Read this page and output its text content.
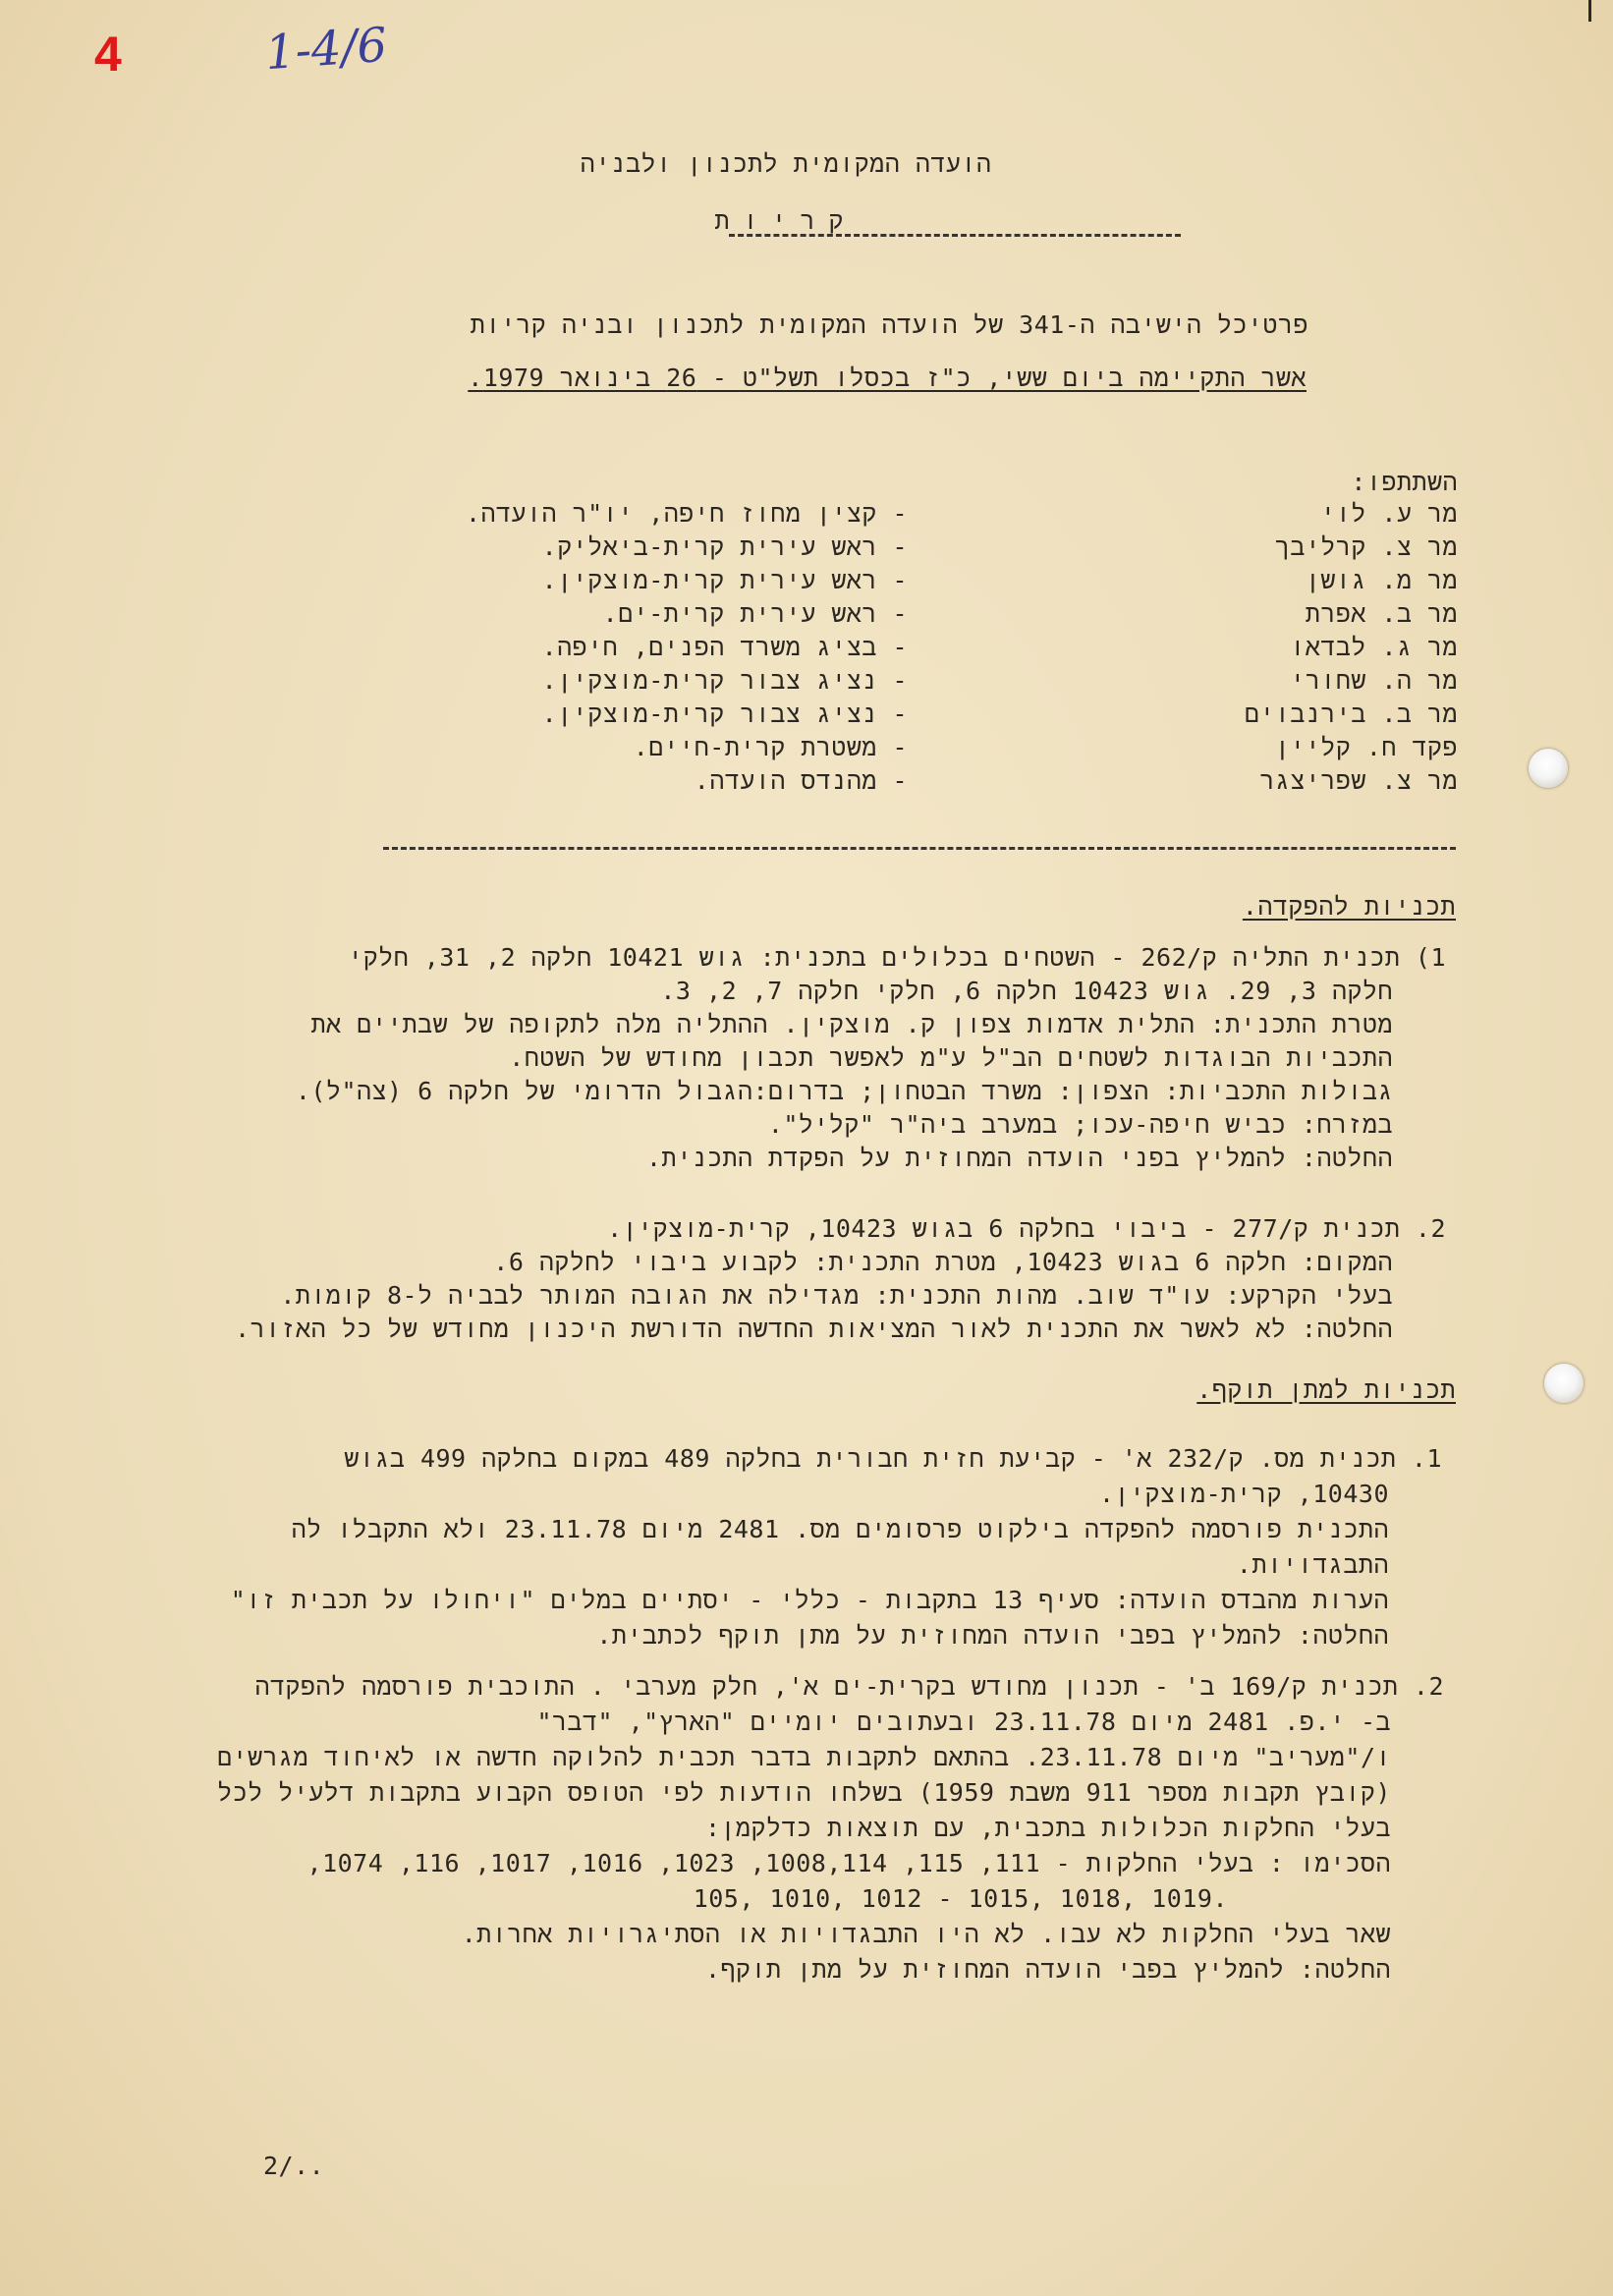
4	1-4/6
הועדה המקומית לתכנון ולבניה
קריות
פרטיכל הישיבה ה-341 של הועדה המקומית לתכנון ובניה קריות
אשר התקיימה ביום ששי, כ"ז בכסלו תשל"ט - 26 בינואר 1979.
השתתפו:
מר ע. לוי
- קצין מחוז חיפה, יו"ר הועדה.
מר צ. קרליבך
- ראש עירית קרית-ביאליק.
מר מ. גושן
- ראש עירית קרית-מוצקין.
מר ב. אפרת
- ראש עירית קרית-ים.
מר ג. לבדאו
- בציג משרד הפנים, חיפה.
מר ה. שחורי
- נציג צבור קרית-מוצקין.
מר ב. בירנבוים
- נציג צבור קרית-מוצקין.
פקד ח. קליין
- משטרת קרית-חיים.
מר צ. שפריצגר
- מהנדס הועדה.
תכניות להפקדה.
1) תכנית התליה ק/262 - השטחים בכלולים בתכנית: גוש 10421 חלקה 2, 31, חלקי
חלקה 3, 29. גוש 10423 חלקה 6, חלקי חלקה 7, 2, 3.
מטרת התכנית: התלית אדמות צפון ק. מוצקין. ההתליה מלה לתקופה של שבתיים את
התכביות הבוגדות לשטחים הב"ל ע"מ לאפשר תכבון מחודש של השטח.
גבולות התכביות: הצפון: משרד הבטחון; בדרום:הגבול הדרומי של חלקה 6 (צה"ל).
במזרח: כביש חיפה-עכו; במערב ביה"ר "קליל".
החלטה: להמליץ בפני הועדה המחוזית על הפקדת התכנית.
2. תכנית ק/277 - ביבוי בחלקה 6 בגוש 10423, קרית-מוצקין.
המקום: חלקה 6 בגוש 10423, מטרת התכנית: לקבוע ביבוי לחלקה 6.
בעלי הקרקע: עו"ד שוב. מהות התכנית: מגדילה את הגובה המותר לבביה ל-8 קומות.
החלטה: לא לאשר את התכנית לאור המציאות החדשה הדורשת היכנון מחודש של כל האזור.
תכניות למתן תוקף.
1. תכנית מס. ק/232 א' - קביעת חזית חבורית בחלקה 489 במקום בחלקה 499 בגוש
10430, קרית-מוצקין.
התכנית פורסמה להפקדה בילקוט פרסומים מס. 2481 מיום 23.11.78 ולא התקבלו לה
התבגדויות.
הערות מהבדס הועדה: סעיף 13 בתקבות - כללי - יסתיים במלים "ויחולו על תכבית זו"
החלטה: להמליץ בפבי הועדה המחוזית על מתן תוקף לכתבית.
2. תכנית ק/169 ב' - תכנון מחודש בקרית-ים א', חלק מערבי . התוכבית פורסמה להפקדה
ב- י.פ. 2481 מיום 23.11.78 ובעתובים יומיים "הארץ", "דבר"
ו/"מעריב" מיום 23.11.78. בהתאם לתקבות בדבר תכבית להלוקה חדשה או לאיחוד מגרשים
(קובץ תקבות מספר 911 משבת 1959) בשלחו הודעות לפי הטופס הקבוע בתקבות דלעיל לכל
בעלי החלקות הכלולות בתכבית, עם תוצאות כדלקמן:
הסכימו : בעלי החלקות - 111, 115, 1008,114, 1023, 1016, 1017, 116, 1074,
105, 1010, 1012 - 1015, 1018, 1019.
שאר בעלי החלקות לא עבו. לא היו התבגדויות או הסתיגרויות אחרות.
החלטה: להמליץ בפבי הועדה המחוזית על מתן תוקף.
2/..
